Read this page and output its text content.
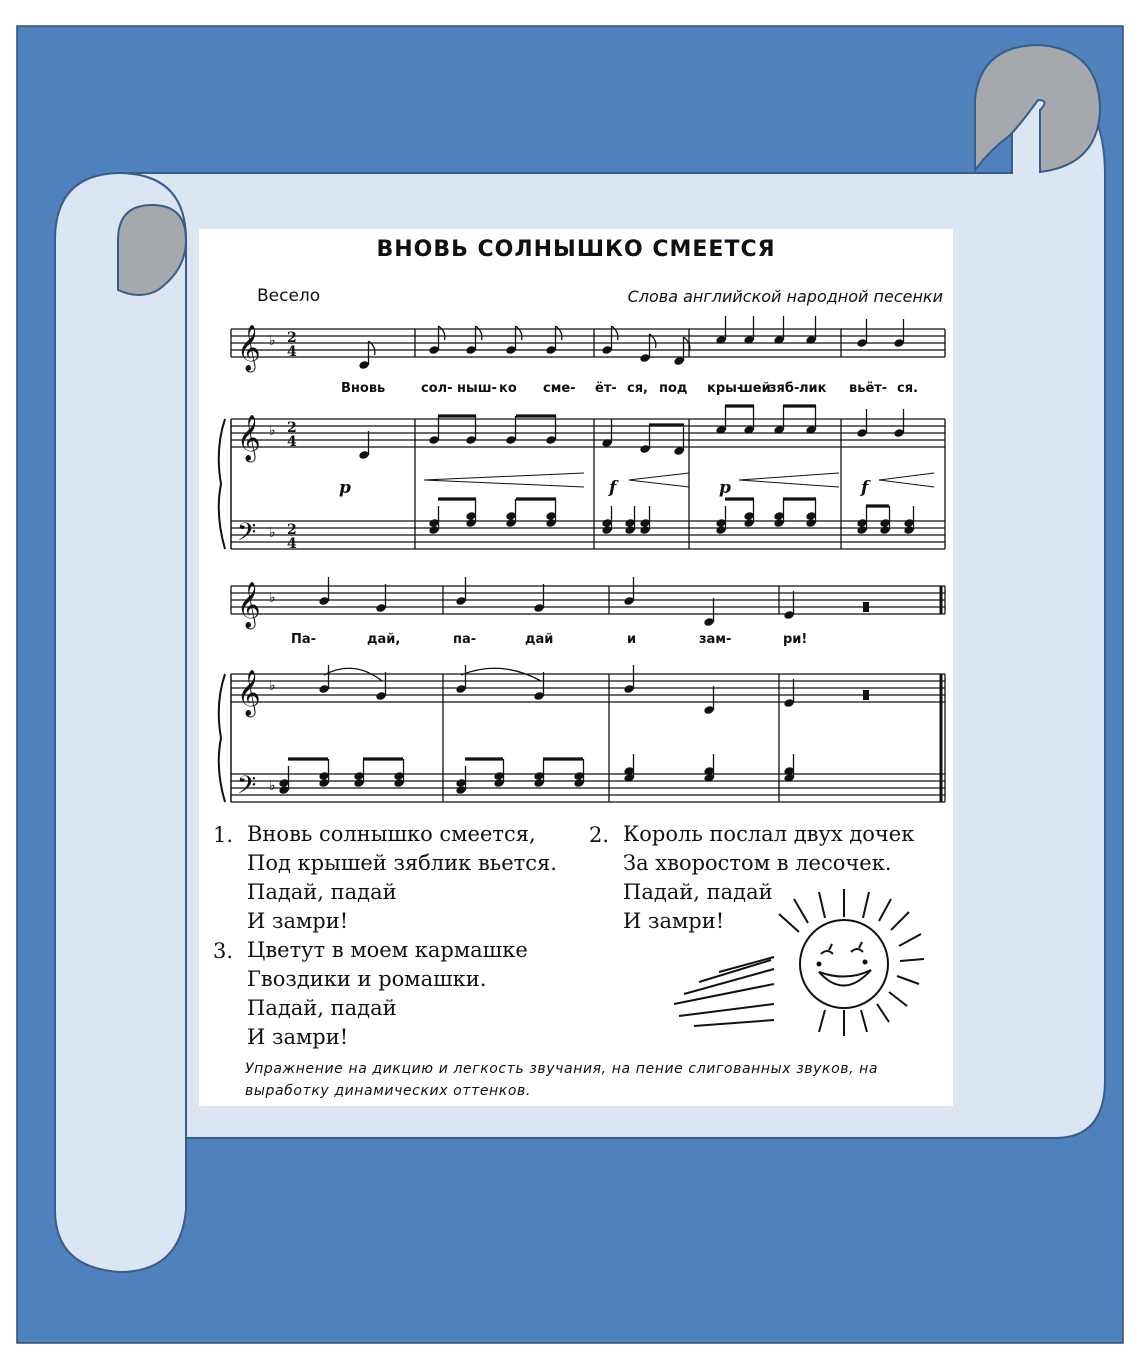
ВНОВЬ СОЛНЫШКО СМЕЕТСЯ
Весело	Слова английской народной песенки
𝄞
𝄞
𝄞
𝄞
𝄢
𝄢
♭
♭
♭
♭
♭
♭
2
4
2
4
2
4
p	f	p	f
Вновь	сол- ныш- ко сме- ёт- ся, под кры-
шей
зяб- лик вьёт- ся.
Па-	дай,	па-	дай	и	зам-	ри!
1. Вновь солнышко смеется,
Под крышей зяблик вьется.
Падай, падай
И замри!
2. Король послал двух дочек
За хворостом в лесочек.
Падай, падай
И замри!
3. Цветут в моем кармашке
Гвоздики и ромашки.
Падай, падай
И замри!
Упражнение на дикцию и легкость звучания, на пение слигованных звуков, на выработку динамических оттенков.
